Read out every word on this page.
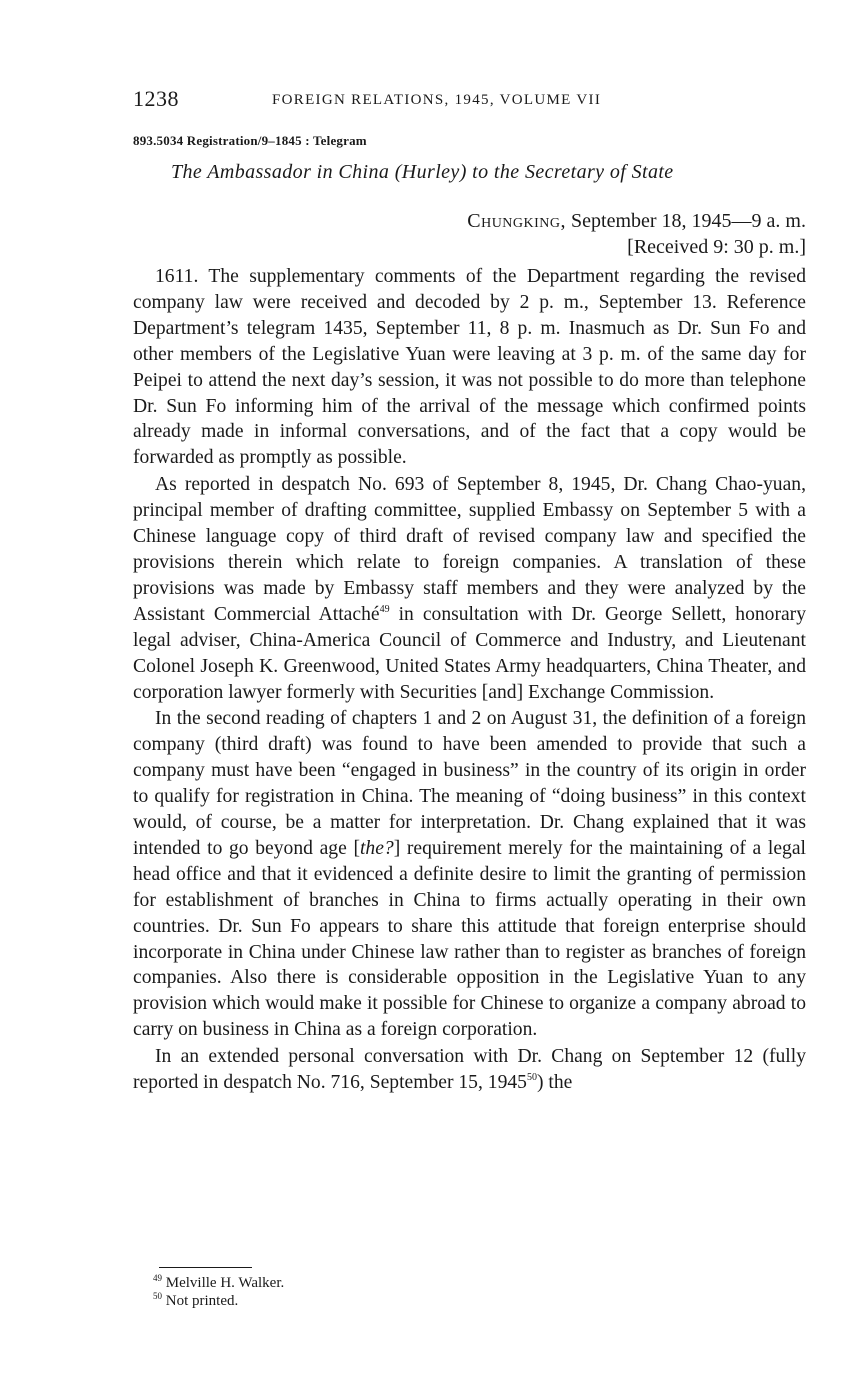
1238	FOREIGN RELATIONS, 1945, VOLUME VII
893.5034 Registration/9–1845 : Telegram
The Ambassador in China (Hurley) to the Secretary of State
Chungking, September 18, 1945—9 a. m.
[Received 9: 30 p. m.]

1611. The supplementary comments of the Department regarding the revised company law were received and decoded by 2 p. m., September 13. Reference Department’s telegram 1435, September 11, 8 p. m. Inasmuch as Dr. Sun Fo and other members of the Legislative Yuan were leaving at 3 p. m. of the same day for Peipei to attend the next day’s session, it was not possible to do more than telephone Dr. Sun Fo informing him of the arrival of the message which confirmed points already made in informal conversations, and of the fact that a copy would be forwarded as promptly as possible.

As reported in despatch No. 693 of September 8, 1945, Dr. Chang Chao-yuan, principal member of drafting committee, supplied Embassy on September 5 with a Chinese language copy of third draft of revised company law and specified the provisions therein which relate to foreign companies. A translation of these provisions was made by Embassy staff members and they were analyzed by the Assistant Commercial Attaché$^{49}$ in consultation with Dr. George Sellett, honorary legal adviser, China-America Council of Commerce and Industry, and Lieutenant Colonel Joseph K. Greenwood, United States Army headquarters, China Theater, and corporation lawyer formerly with Securities [and] Exchange Commission.

In the second reading of chapters 1 and 2 on August 31, the definition of a foreign company (third draft) was found to have been amended to provide that such a company must have been “engaged in business” in the country of its origin in order to qualify for registration in China. The meaning of “doing business” in this context would, of course, be a matter for interpretation. Dr. Chang explained that it was intended to go beyond age [the?] requirement merely for the maintaining of a legal head office and that it evidenced a definite desire to limit the granting of permission for establishment of branches in China to firms actually operating in their own countries. Dr. Sun Fo appears to share this attitude that foreign enterprise should incorporate in China under Chinese law rather than to register as branches of foreign companies. Also there is considerable opposition in the Legislative Yuan to any provision which would make it possible for Chinese to organize a company abroad to carry on business in China as a foreign corporation.

In an extended personal conversation with Dr. Chang on September 12 (fully reported in despatch No. 716, September 15, 1945$^{50}$) the

$^{49}$ Melville H. Walker.
$^{50}$ Not printed.
